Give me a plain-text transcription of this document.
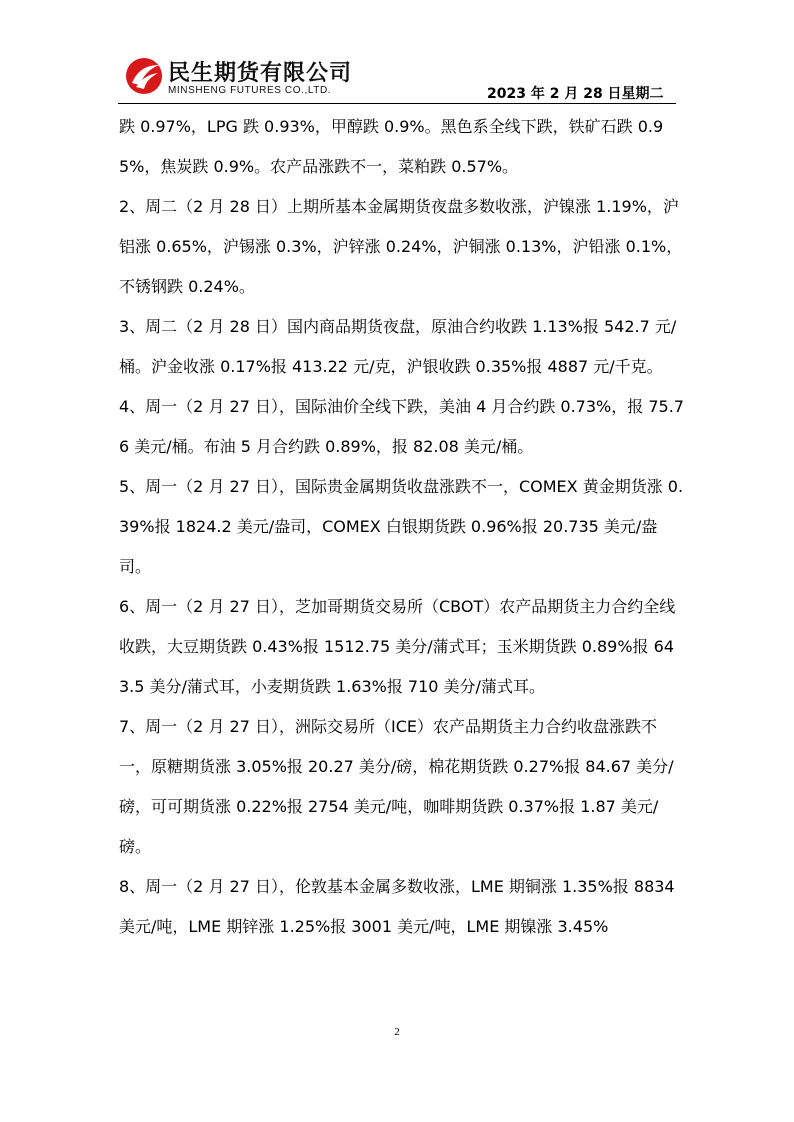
民生期货有限公司
MINSHENG FUTURES CO.,LTD.	2023 年 2 月 28 日星期二

跌 0.97%，LPG 跌 0.93%，甲醇跌 0.9%。黑色系全线下跌，铁矿石跌 0.95%，焦炭跌 0.9%。农产品涨跌不一，菜粕跌 0.57%。

2、周二（2 月 28 日）上期所基本金属期货夜盘多数收涨，沪镍涨 1.19%，沪铝涨 0.65%，沪锡涨 0.3%，沪锌涨 0.24%，沪铜涨 0.13%，沪铅涨 0.1%，不锈钢跌 0.24%。

3、周二（2 月 28 日）国内商品期货夜盘，原油合约收跌 1.13%报 542.7 元/桶。沪金收涨 0.17%报 413.22 元/克，沪银收跌 0.35%报 4887 元/千克。

4、周一（2 月 27 日），国际油价全线下跌，美油 4 月合约跌 0.73%，报 75.76 美元/桶。布油 5 月合约跌 0.89%，报 82.08 美元/桶。

5、周一（2 月 27 日），国际贵金属期货收盘涨跌不一，COMEX 黄金期货涨 0.39%报 1824.2 美元/盎司，COMEX 白银期货跌 0.96%报 20.735 美元/盎司。

6、周一（2 月 27 日），芝加哥期货交易所（CBOT）农产品期货主力合约全线收跌，大豆期货跌 0.43%报 1512.75 美分/蒲式耳；玉米期货跌 0.89%报 643.5 美分/蒲式耳，小麦期货跌 1.63%报 710 美分/蒲式耳。

7、周一（2 月 27 日），洲际交易所（ICE）农产品期货主力合约收盘涨跌不一，原糖期货涨 3.05%报 20.27 美分/磅，棉花期货跌 0.27%报 84.67 美分/磅，可可期货涨 0.22%报 2754 美元/吨，咖啡期货跌 0.37%报 1.87 美元/磅。

8、周一（2 月 27 日），伦敦基本金属多数收涨，LME 期铜涨 1.35%报 8834 美元/吨，LME 期锌涨 1.25%报 3001 美元/吨，LME 期镍涨 3.45%

2
